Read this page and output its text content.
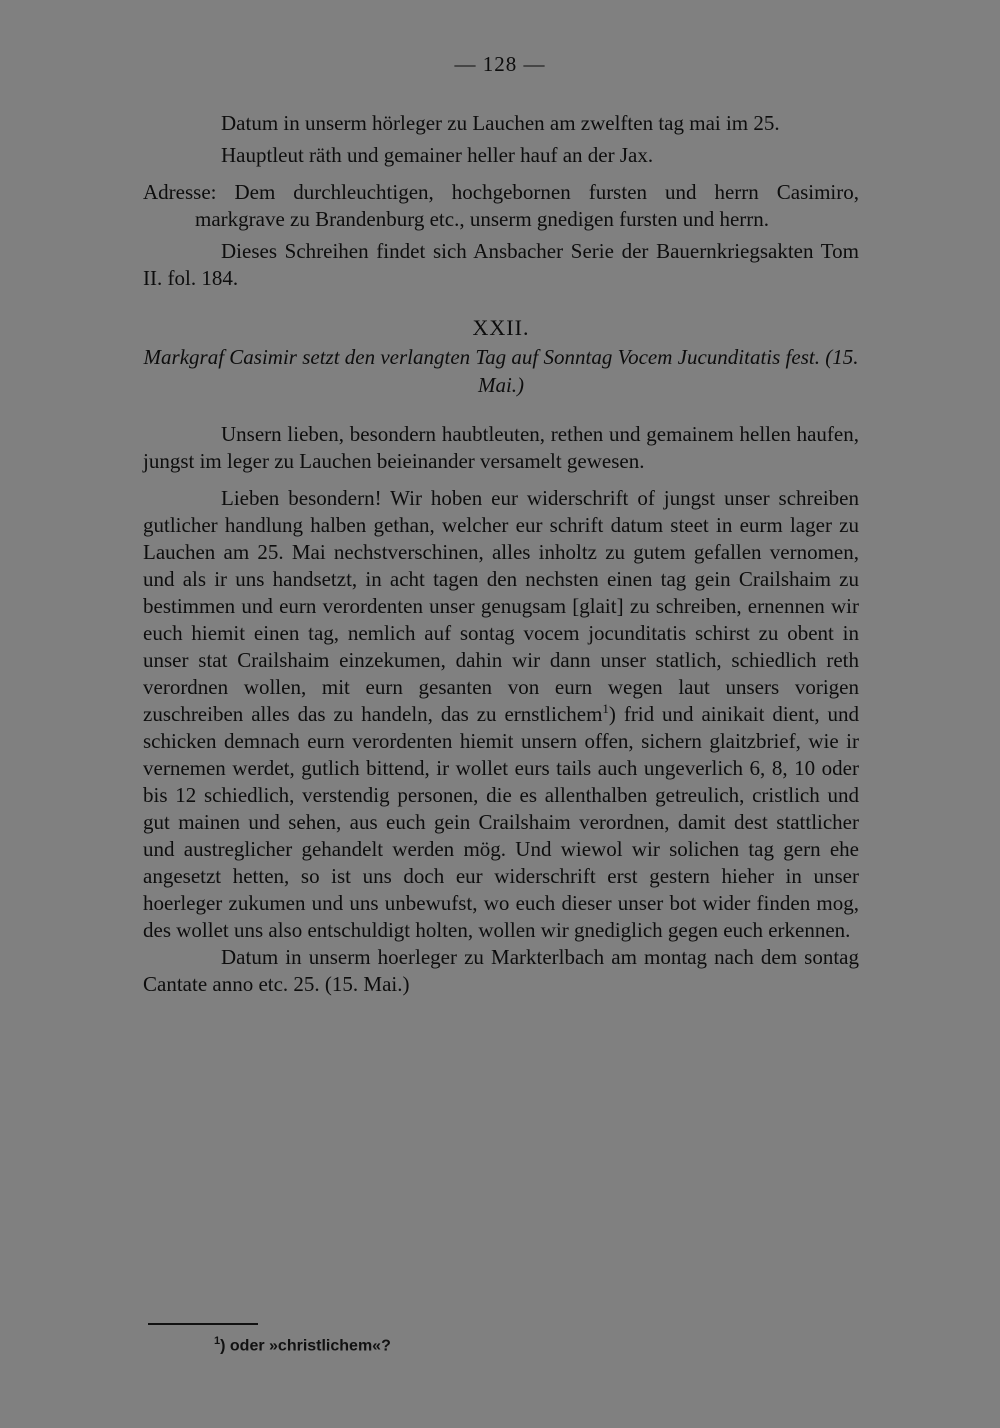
— 128 —

Datum in unserm hörleger zu Lauchen am zwelften tag mai im 25.

Hauptleut räth und gemainer heller hauf an der Jax.

Adresse: Dem durchleuchtigen, hochgebornen fursten und herrn Casimiro, markgrave zu Brandenburg etc., unserm gnedigen fursten und herrn.

Dieses Schreihen findet sich Ansbacher Serie der Bauernkriegsakten Tom II. fol. 184.

XXII.

Markgraf Casimir setzt den verlangten Tag auf Sonntag Vocem Jucunditatis fest. (15. Mai.)

Unsern lieben, besondern haubtleuten, rethen und gemainem hellen haufen, jungst im leger zu Lauchen beieinander versamelt gewesen.

Lieben besondern! Wir hoben eur widerschrift of jungst unser schreiben gutlicher handlung halben gethan, welcher eur schrift datum steet in eurm lager zu Lauchen am 25. Mai nechstverschinen, alles inholtz zu gutem gefallen vernomen, und als ir uns handsetzt, in acht tagen den nechsten einen tag gein Crailshaim zu bestimmen und eurn verordenten unser genugsam [glait] zu schreiben, ernennen wir euch hiemit einen tag, nemlich auf sontag vocem jocunditatis schirst zu obent in unser stat Crailshaim einzekumen, dahin wir dann unser statlich, schiedlich reth verordnen wollen, mit eurn gesanten von eurn wegen laut unsers vorigen zuschreiben alles das zu handeln, das zu ernstlichem$^1$) frid und ainikait dient, und schicken demnach eurn verordenten hiemit unsern offen, sichern glaitzbrief, wie ir vernemen werdet, gutlich bittend, ir wollet eurs tails auch ungeverlich 6, 8, 10 oder bis 12 schiedlich, verstendig personen, die es allenthalben getreulich, cristlich und gut mainen und sehen, aus euch gein Crailshaim verordnen, damit dest stattlicher und austreglicher gehandelt werden mög. Und wiewol wir solichen tag gern ehe angesetzt hetten, so ist uns doch eur widerschrift erst gestern hieher in unser hoerleger zukumen und uns unbewufst, wo euch dieser unser bot wider finden mog, des wollet uns also entschuldigt holten, wollen wir gnediglich gegen euch erkennen.

Datum in unserm hoerleger zu Markterlbach am montag nach dem sontag Cantate anno etc. 25. (15. Mai.)

$^1$) oder »christlichem«?
